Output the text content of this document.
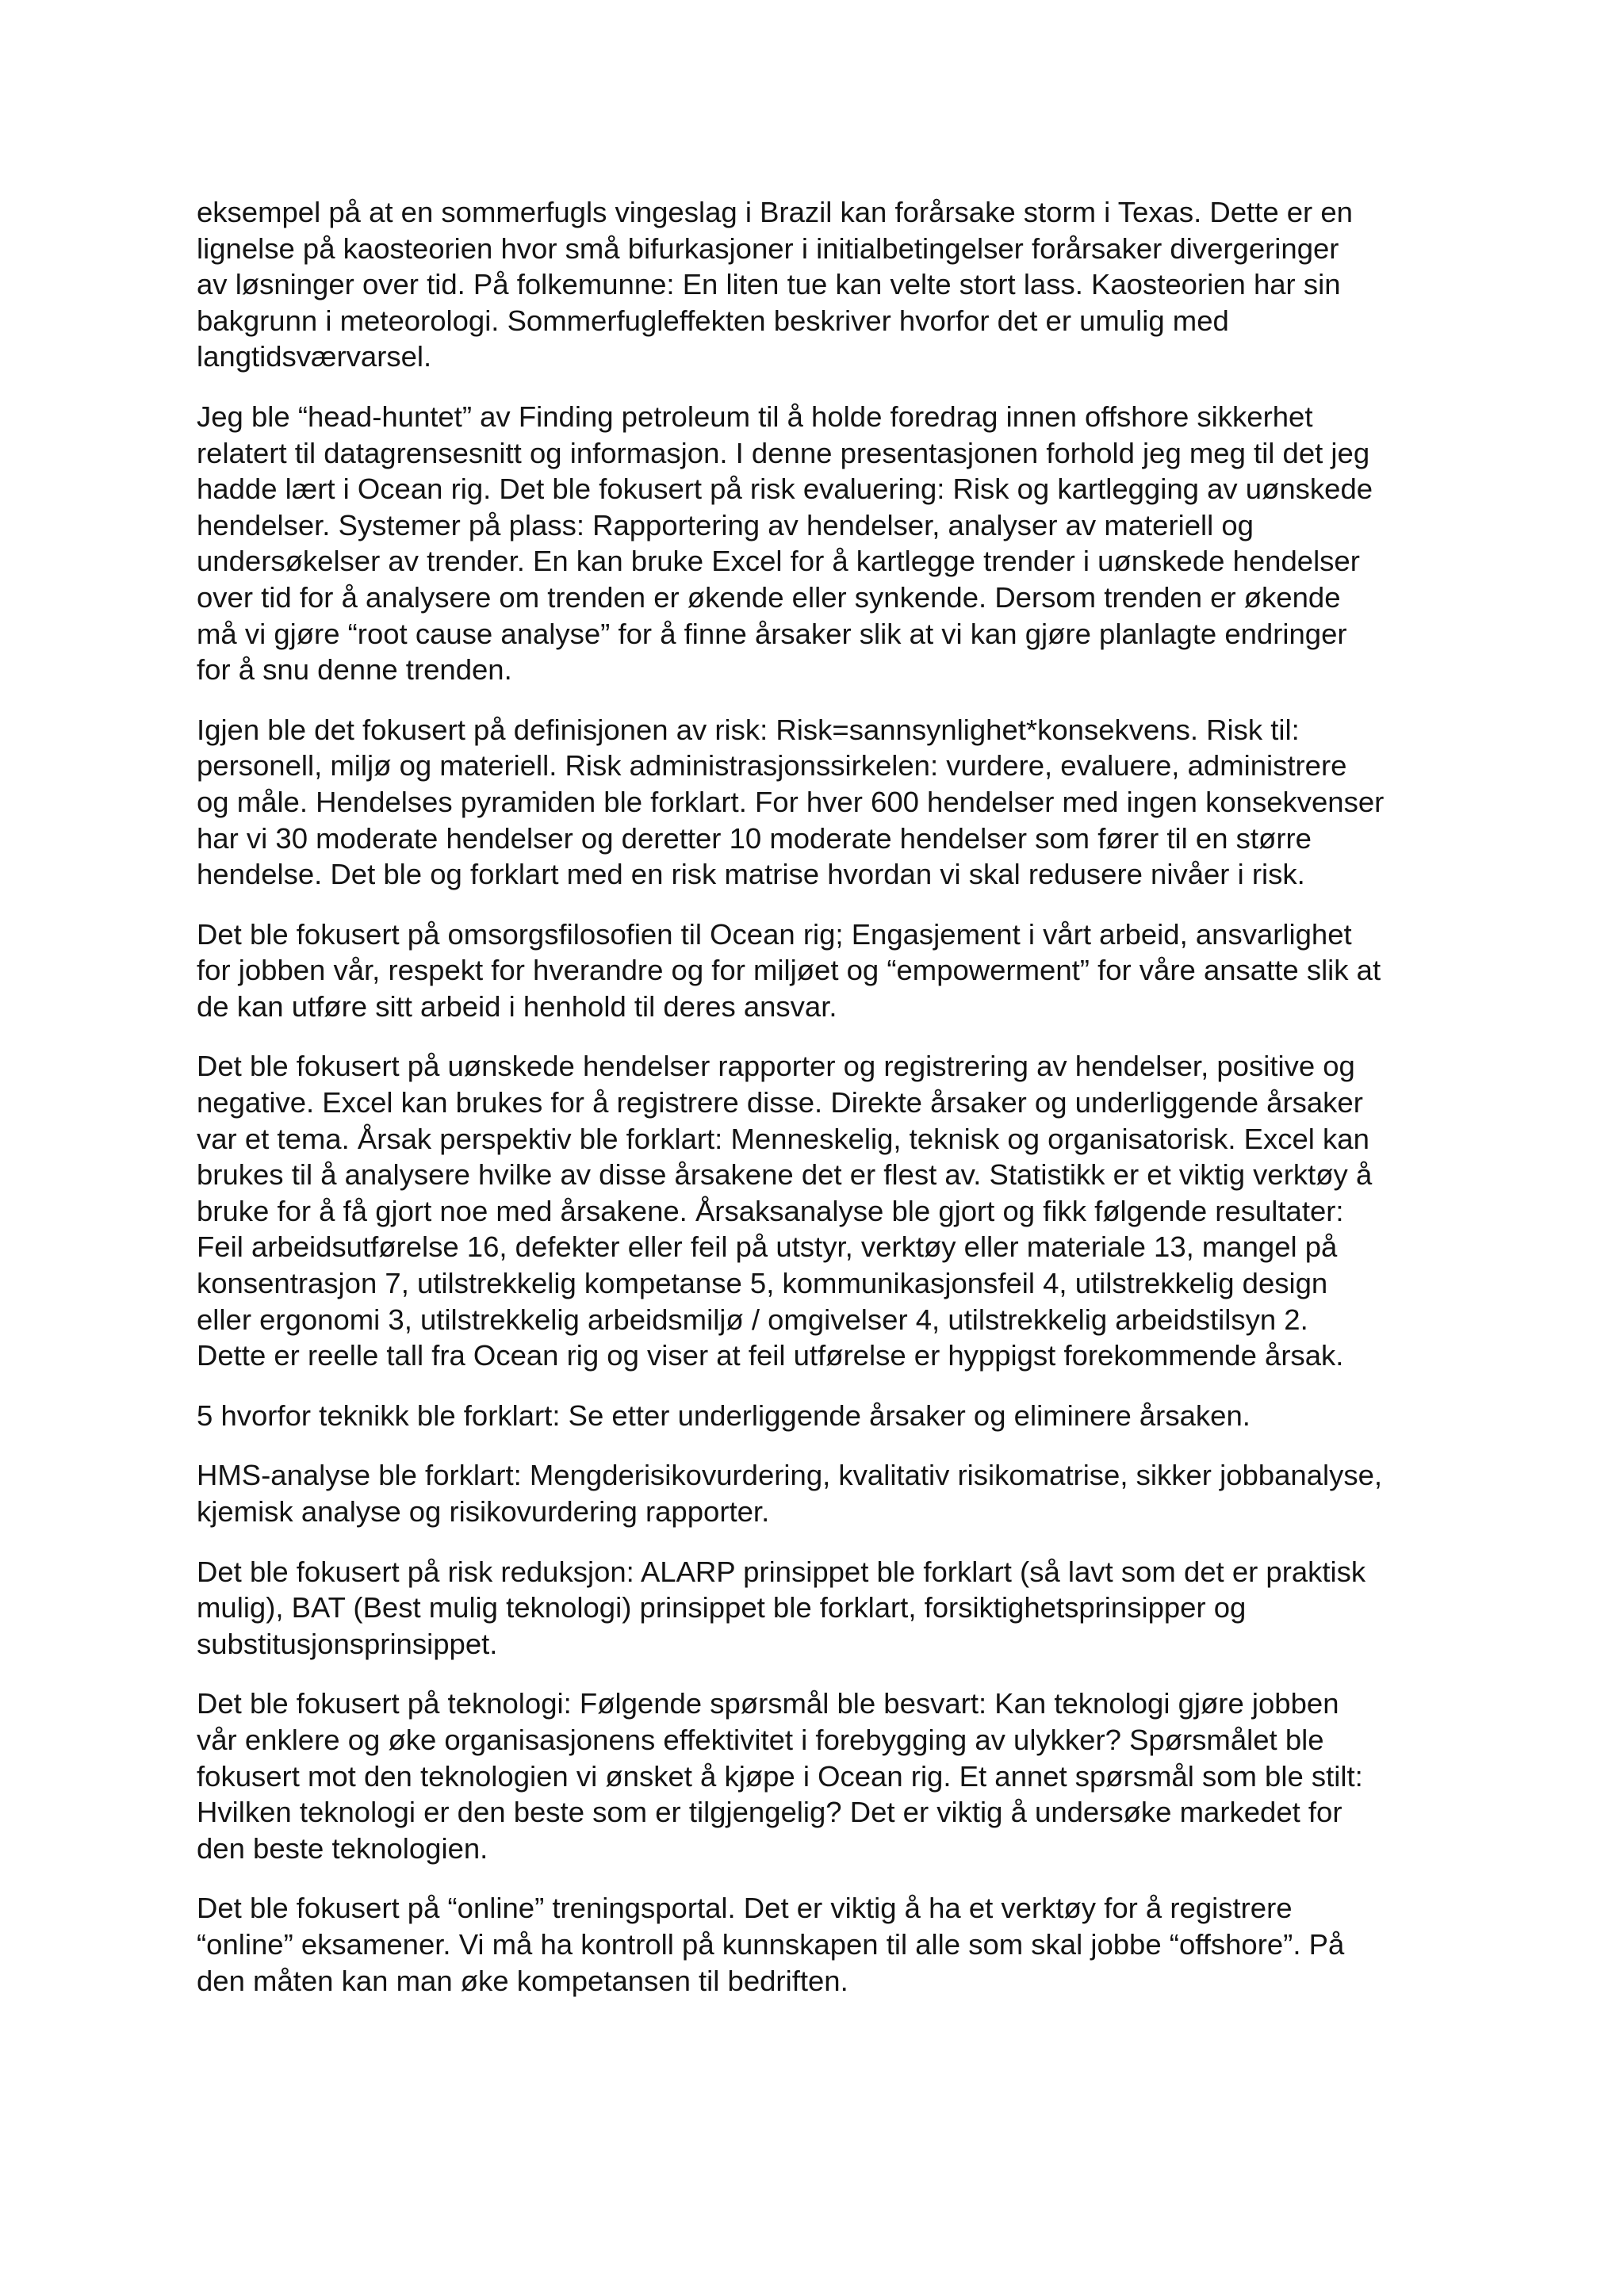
eksempel på at en sommerfugls vingeslag i Brazil kan forårsake storm i Texas. Dette er en
lignelse på kaosteorien hvor små bifurkasjoner i initialbetingelser forårsaker divergeringer
av løsninger over tid. På folkemunne: En liten tue kan velte stort lass. Kaosteorien har sin
bakgrunn i meteorologi. Sommerfugleffekten beskriver hvorfor det er umulig med
langtidsværvarsel.

Jeg ble “head-huntet” av Finding petroleum til å holde foredrag innen offshore sikkerhet
relatert til datagrensesnitt og informasjon. I denne presentasjonen forhold jeg meg til det jeg
hadde lært i Ocean rig. Det ble fokusert på risk evaluering: Risk og kartlegging av uønskede
hendelser. Systemer på plass: Rapportering av hendelser, analyser av materiell og
undersøkelser av trender. En kan bruke Excel for å kartlegge trender i uønskede hendelser
over tid for å analysere om trenden er økende eller synkende. Dersom trenden er økende
må vi gjøre “root cause analyse” for å finne årsaker slik at vi kan gjøre planlagte endringer
for å snu denne trenden.

Igjen ble det fokusert på definisjonen av risk: Risk=sannsynlighet*konsekvens. Risk til:
personell, miljø og materiell. Risk administrasjonssirkelen: vurdere, evaluere, administrere
og måle. Hendelses pyramiden ble forklart. For hver 600 hendelser med ingen konsekvenser
har vi 30 moderate hendelser og deretter 10 moderate hendelser som fører til en større
hendelse. Det ble og forklart med en risk matrise hvordan vi skal redusere nivåer i risk.

Det ble fokusert på omsorgsfilosofien til Ocean rig; Engasjement i vårt arbeid, ansvarlighet
for jobben vår, respekt for hverandre og for miljøet og “empowerment” for våre ansatte slik at
de kan utføre sitt arbeid i henhold til deres ansvar.

Det ble fokusert på uønskede hendelser rapporter og registrering av hendelser, positive og
negative. Excel kan brukes for å registrere disse. Direkte årsaker og underliggende årsaker
var et tema. Årsak perspektiv ble forklart: Menneskelig, teknisk og organisatorisk. Excel kan
brukes til å analysere hvilke av disse årsakene det er flest av. Statistikk er et viktig verktøy å
bruke for å få gjort noe med årsakene. Årsaksanalyse ble gjort og fikk følgende resultater:
Feil arbeidsutførelse 16, defekter eller feil på utstyr, verktøy eller materiale 13, mangel på
konsentrasjon 7, utilstrekkelig kompetanse 5, kommunikasjonsfeil 4, utilstrekkelig design
eller ergonomi 3, utilstrekkelig arbeidsmiljø / omgivelser 4, utilstrekkelig arbeidstilsyn 2.
Dette er reelle tall fra Ocean rig og viser at feil utførelse er hyppigst forekommende årsak.

5 hvorfor teknikk ble forklart: Se etter underliggende årsaker og eliminere årsaken.

HMS-analyse ble forklart: Mengderisikovurdering, kvalitativ risikomatrise, sikker jobbanalyse,
kjemisk analyse og risikovurdering rapporter.

Det ble fokusert på risk reduksjon: ALARP prinsippet ble forklart (så lavt som det er praktisk
mulig), BAT (Best mulig teknologi) prinsippet ble forklart, forsiktighetsprinsipper og
substitusjonsprinsippet.

Det ble fokusert på teknologi: Følgende spørsmål ble besvart: Kan teknologi gjøre jobben
vår enklere og øke organisasjonens effektivitet i forebygging av ulykker? Spørsmålet ble
fokusert mot den teknologien vi ønsket å kjøpe i Ocean rig. Et annet spørsmål som ble stilt:
Hvilken teknologi er den beste som er tilgjengelig? Det er viktig å undersøke markedet for
den beste teknologien.

Det ble fokusert på “online” treningsportal. Det er viktig å ha et verktøy for å registrere
“online” eksamener. Vi må ha kontroll på kunnskapen til alle som skal jobbe “offshore”. På
den måten kan man øke kompetansen til bedriften.
